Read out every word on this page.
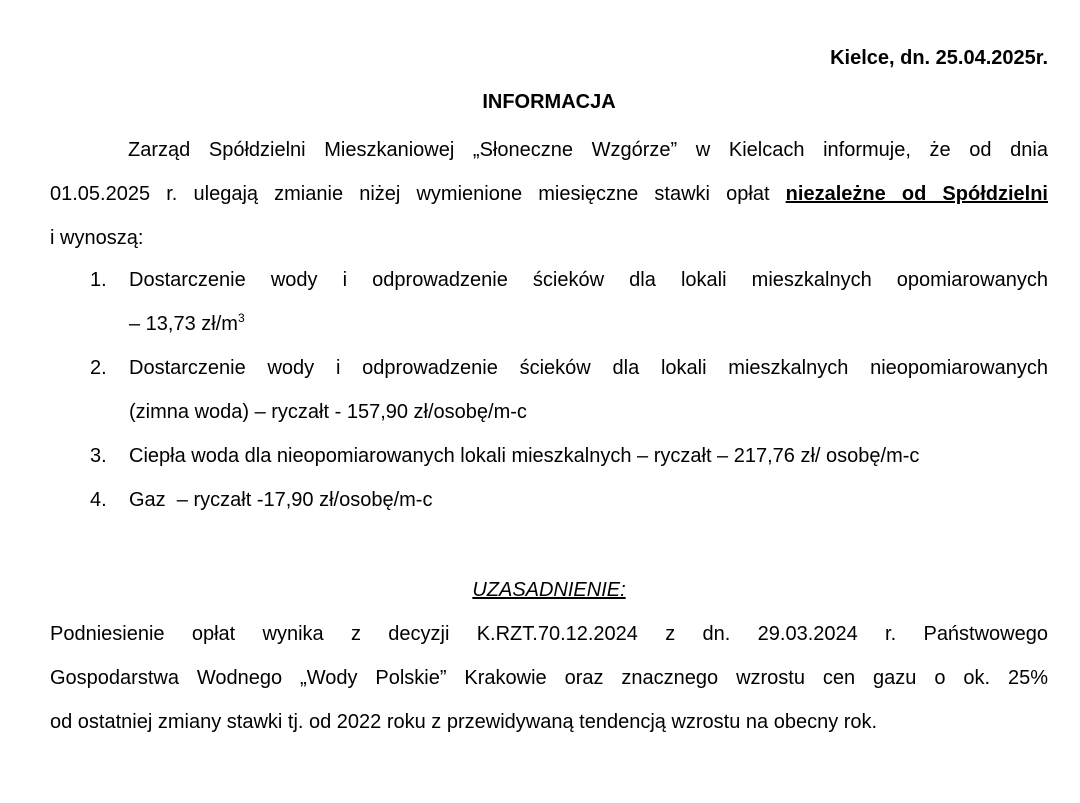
Kielce, dn. 25.04.2025r.
INFORMACJA
Zarząd Spółdzielni Mieszkaniowej „Słoneczne Wzgórze” w Kielcach informuje, że od dnia
01.05.2025 r. ulegają zmianie niżej wymienione miesięczne stawki opłat niezależne od Spółdzielni
i wynoszą:
1. Dostarczenie wody i odprowadzenie ścieków dla lokali mieszkalnych opomiarowanych
– 13,73 $zł/m^3$
2. Dostarczenie wody i odprowadzenie ścieków dla lokali mieszkalnych nieopomiarowanych
(zimna woda) – ryczałt - 157,90 zł/osobę/m-c
3. Ciepła woda dla nieopomiarowanych lokali mieszkalnych – ryczałt – 217,76 zł/ osobę/m-c
4. Gaz  – ryczałt -17,90 zł/osobę/m-c
UZASADNIENIE:
Podniesienie opłat wynika z decyzji K.RZT.70.12.2024 z dn. 29.03.2024 r. Państwowego
Gospodarstwa Wodnego „Wody Polskie” Krakowie oraz znacznego wzrostu cen gazu o ok. 25%
od ostatniej zmiany stawki tj. od 2022 roku z przewidywaną tendencją wzrostu na obecny rok.
